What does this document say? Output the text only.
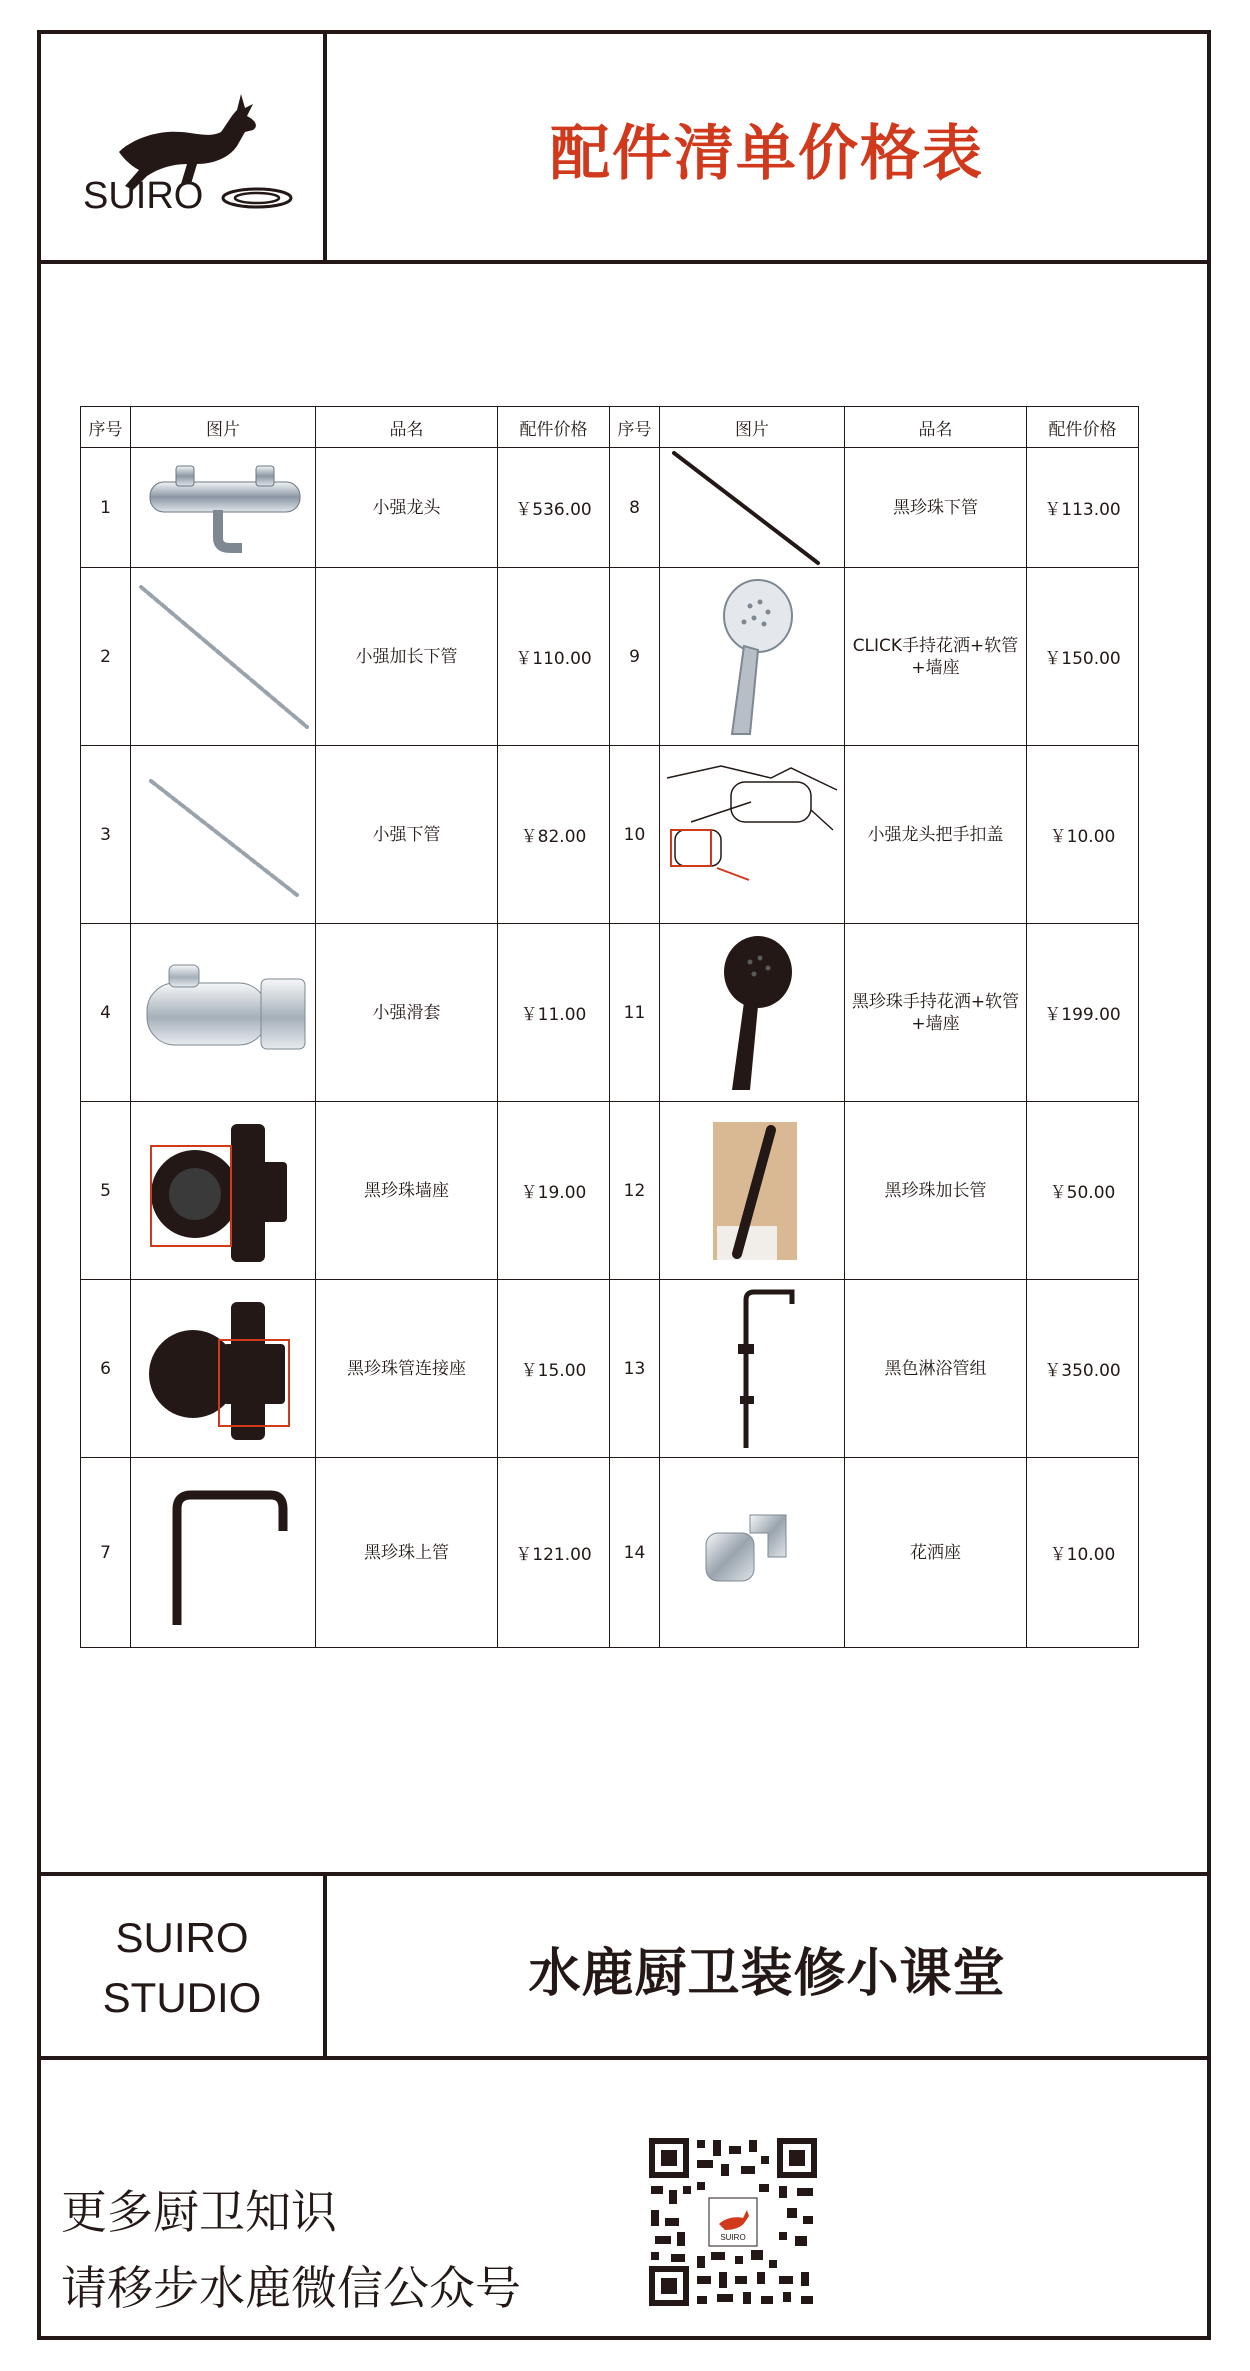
SUIRO
配件清单价格表
SUIRO
STUDIO	水鹿厨卫装修小课堂
更多厨卫知识
请移步水鹿微信公众号
SUIRO
序号	图片	品名	配件价格	序号	图片	品名	配件价格
1		小强龙头	￥536.00	8		黑珍珠下管	￥113.00
2		小强加长下管	￥110.00	9		CLICK手持花洒+软管+墙座	￥150.00
3		小强下管	￥82.00	10		小强龙头把手扣盖	￥10.00
4		小强滑套	￥11.00	11		黑珍珠手持花洒+软管+墙座	￥199.00
5		黑珍珠墙座	￥19.00	12		黑珍珠加长管	￥50.00
6		黑珍珠管连接座	￥15.00	13		黑色淋浴管组	￥350.00
7		黑珍珠上管	￥121.00	14		花洒座	￥10.00
